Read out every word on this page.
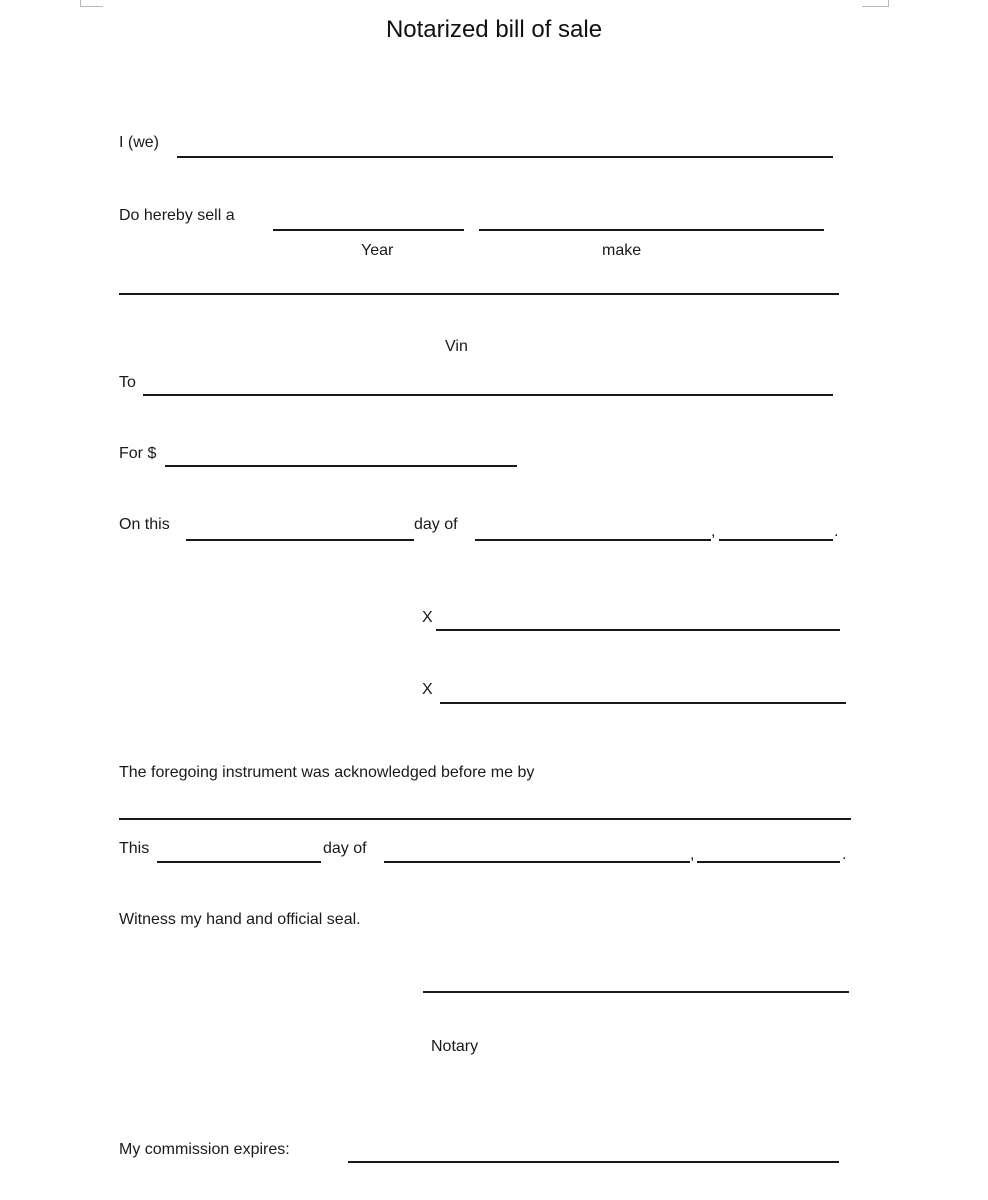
Notarized bill of sale
I (we)
Do hereby sell a
Year	make
Vin
To
For $
On this	day of	,	.
X
X
The foregoing instrument was acknowledged before me by
This	day of	,	.
Witness my hand and official seal.
Notary
My commission expires:
